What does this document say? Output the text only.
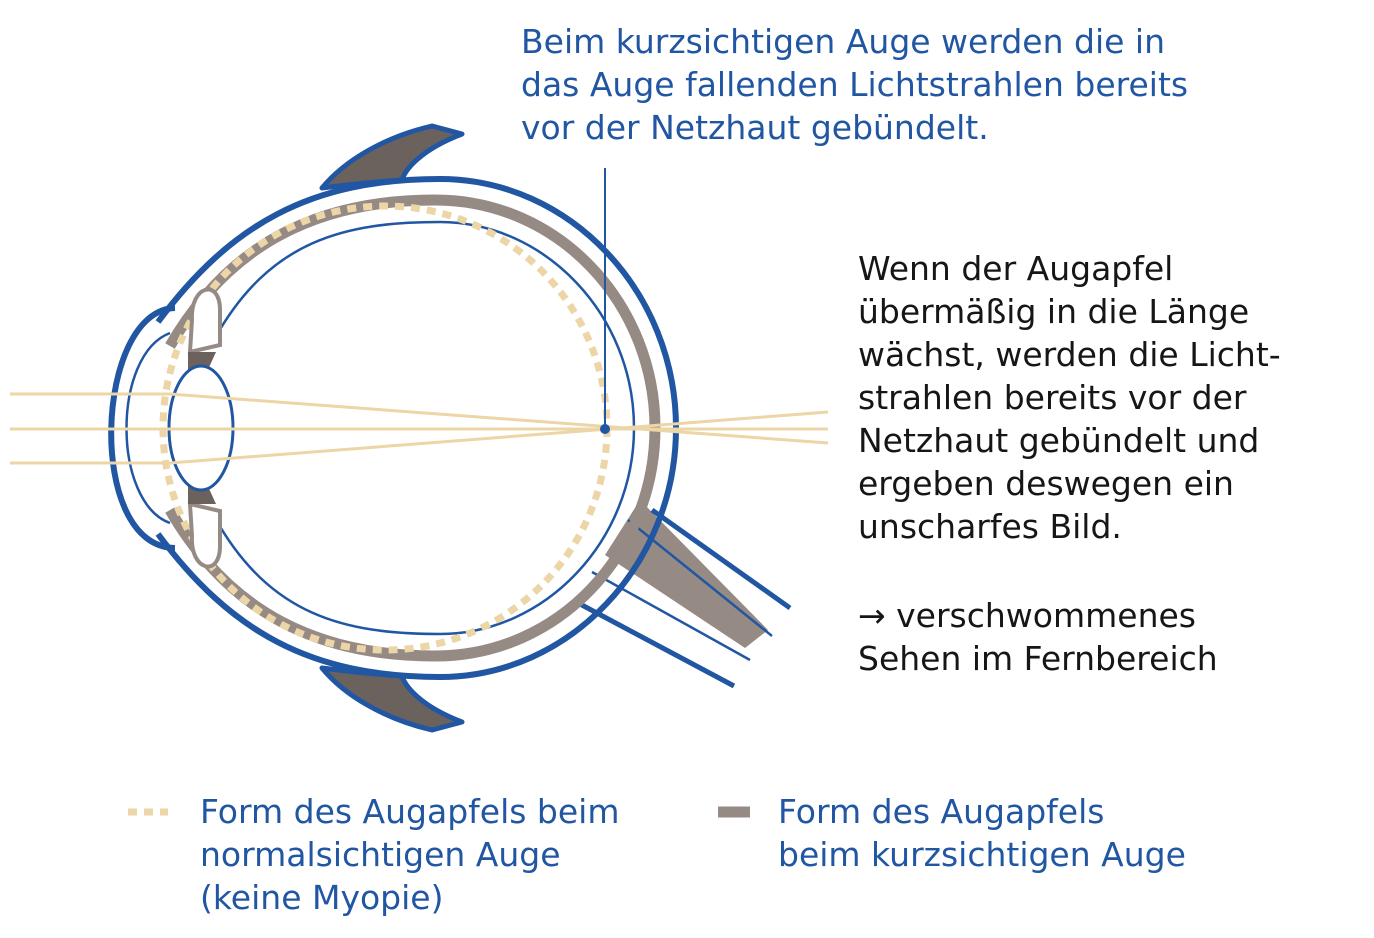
Beim kurzsichtigen Auge werden die in
das Auge fallenden Lichtstrahlen bereits
vor der Netzhaut gebündelt.
Wenn der Augapfel
übermäßig in die Länge
wächst, werden die Licht-
strahlen bereits vor der
Netzhaut gebündelt und
ergeben deswegen ein
unscharfes Bild.
→ verschwommenes
Sehen im Fernbereich
Form des Augapfels beim
normalsichtigen Auge
(keine Myopie)
Form des Augapfels
beim kurzsichtigen Auge
